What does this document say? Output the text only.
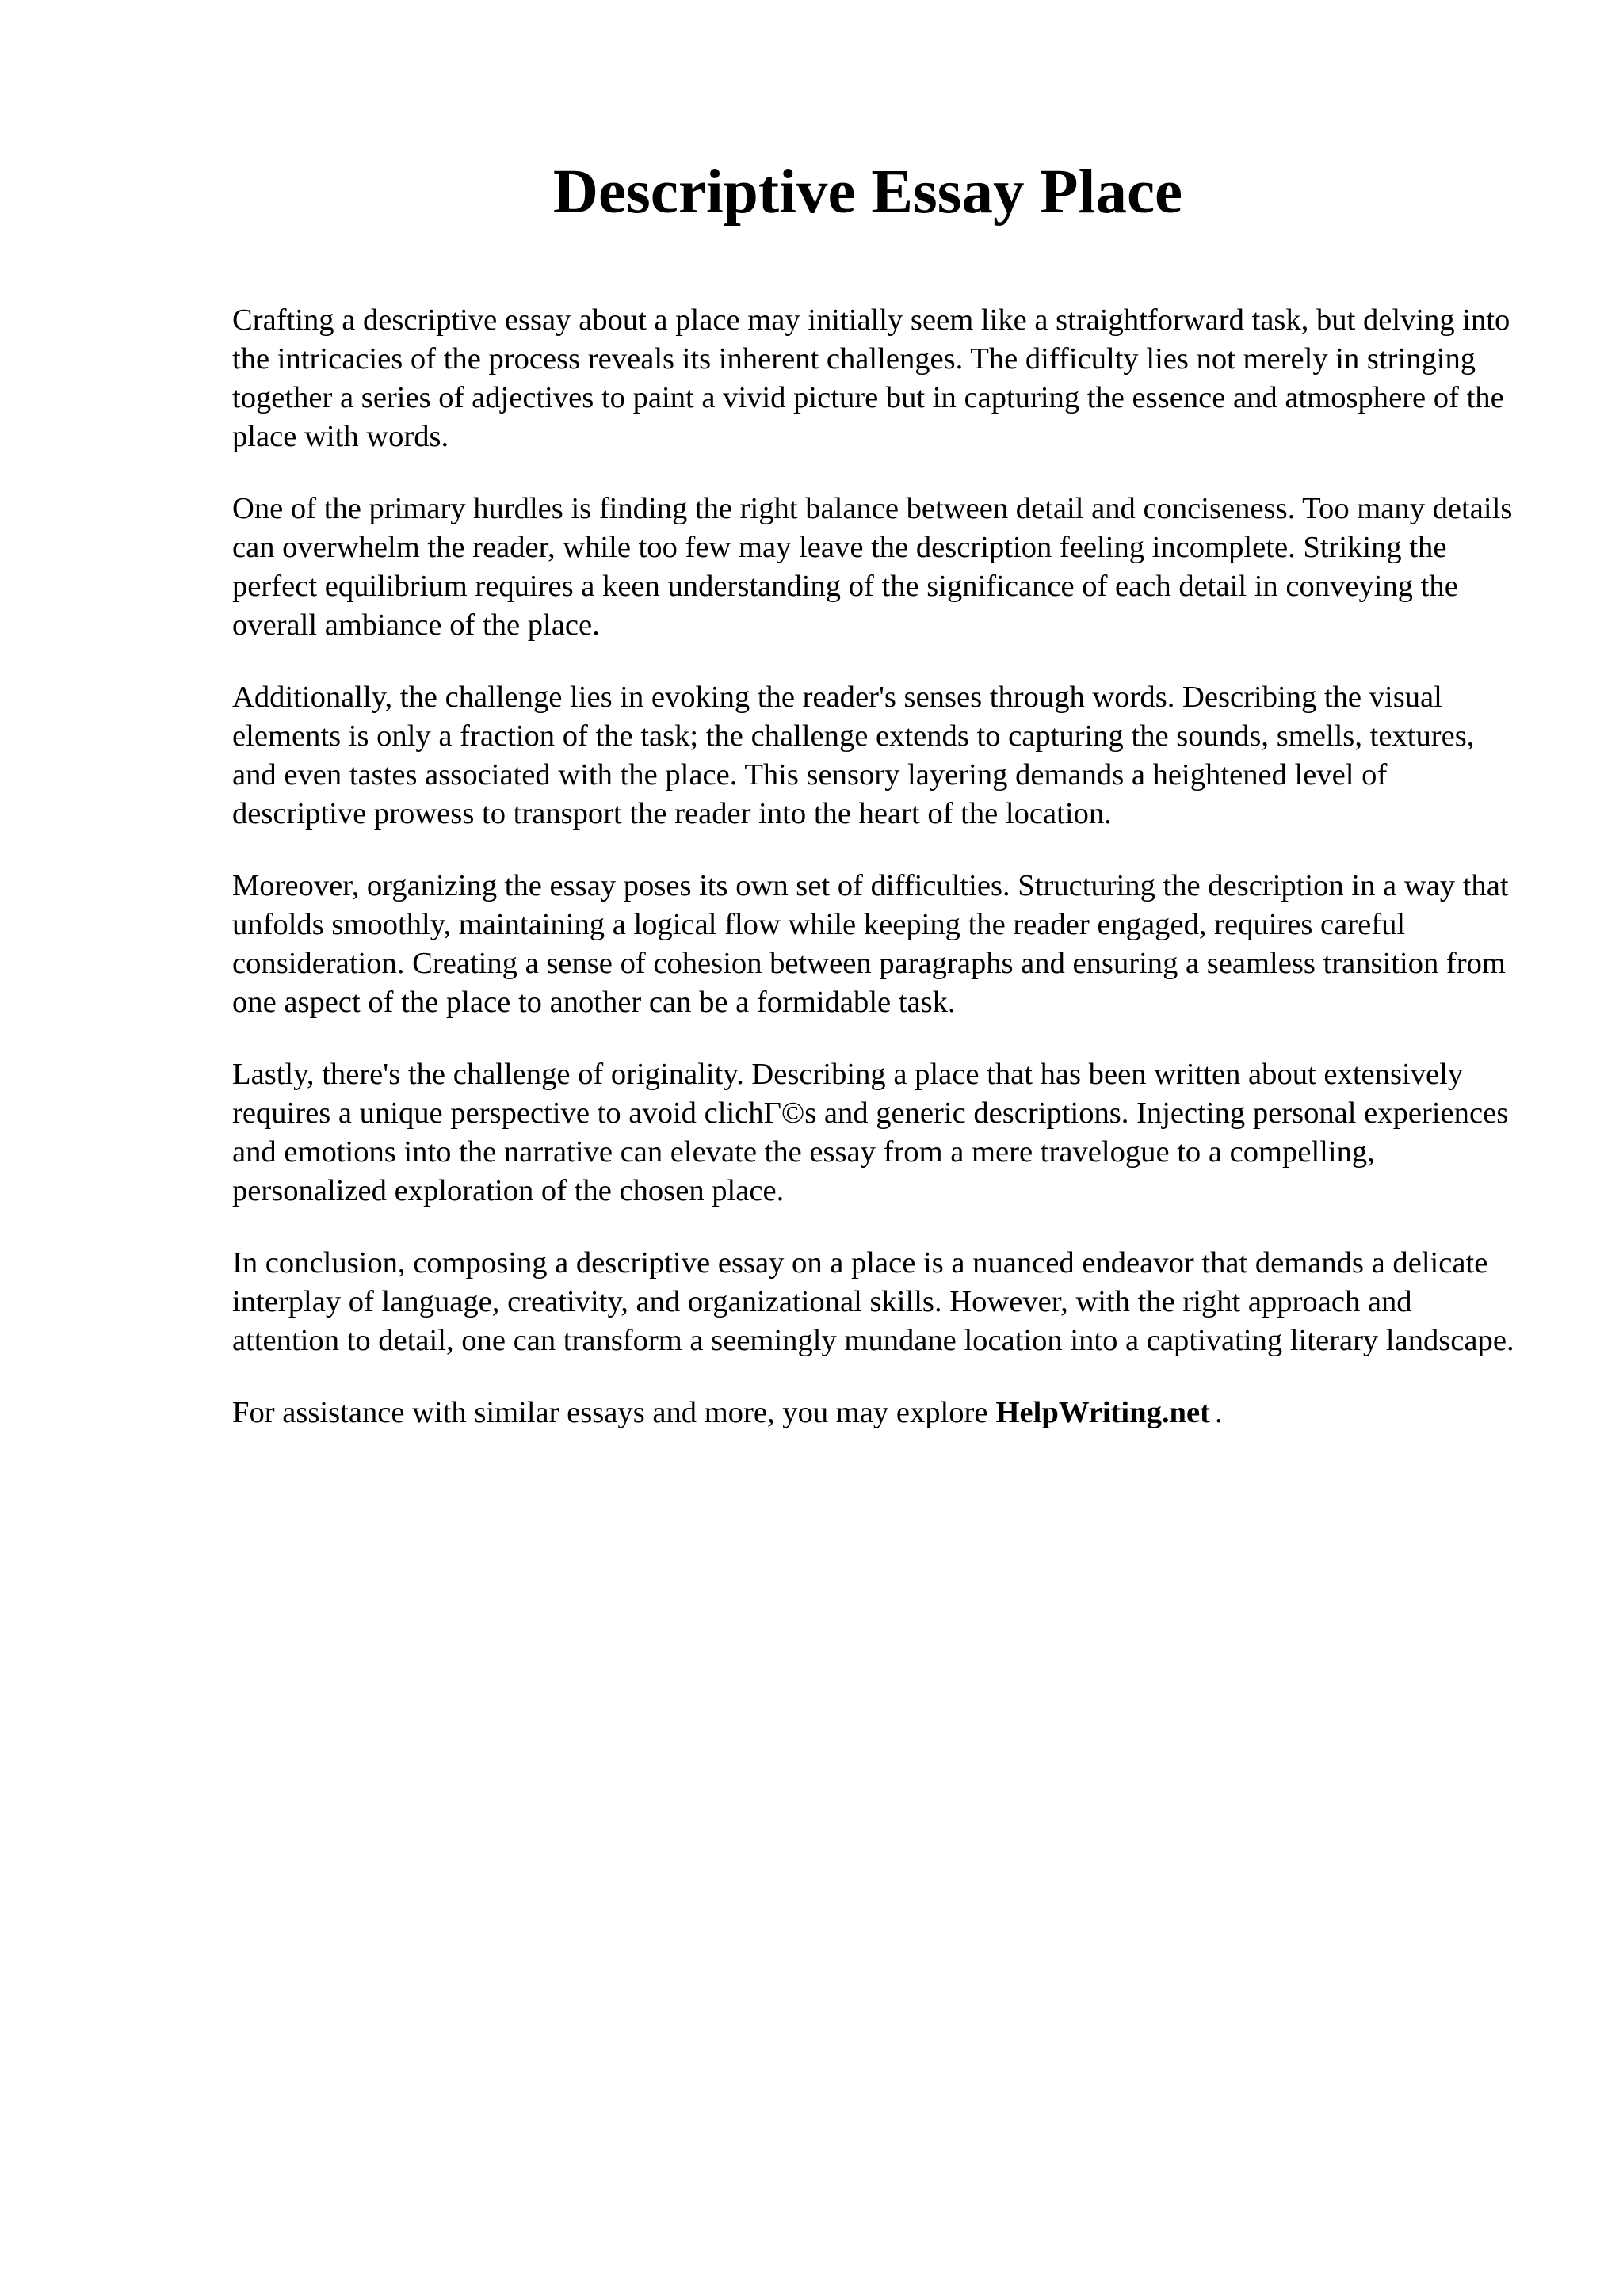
Descriptive Essay Place

Crafting a descriptive essay about a place may initially seem like a straightforward task, but delving into the intricacies of the process reveals its inherent challenges. The difficulty lies not merely in stringing together a series of adjectives to paint a vivid picture but in capturing the essence and atmosphere of the place with words.

One of the primary hurdles is finding the right balance between detail and conciseness. Too many details can overwhelm the reader, while too few may leave the description feeling incomplete. Striking the perfect equilibrium requires a keen understanding of the significance of each detail in conveying the overall ambiance of the place.

Additionally, the challenge lies in evoking the reader's senses through words. Describing the visual elements is only a fraction of the task; the challenge extends to capturing the sounds, smells, textures, and even tastes associated with the place. This sensory layering demands a heightened level of descriptive prowess to transport the reader into the heart of the location.

Moreover, organizing the essay poses its own set of difficulties. Structuring the description in a way that unfolds smoothly, maintaining a logical flow while keeping the reader engaged, requires careful consideration. Creating a sense of cohesion between paragraphs and ensuring a seamless transition from one aspect of the place to another can be a formidable task.

Lastly, there's the challenge of originality. Describing a place that has been written about extensively requires a unique perspective to avoid clichΓ©s and generic descriptions. Injecting personal experiences and emotions into the narrative can elevate the essay from a mere travelogue to a compelling, personalized exploration of the chosen place.

In conclusion, composing a descriptive essay on a place is a nuanced endeavor that demands a delicate interplay of language, creativity, and organizational skills. However, with the right approach and attention to detail, one can transform a seemingly mundane location into a captivating literary landscape.

For assistance with similar essays and more, you may explore HelpWriting.net .
